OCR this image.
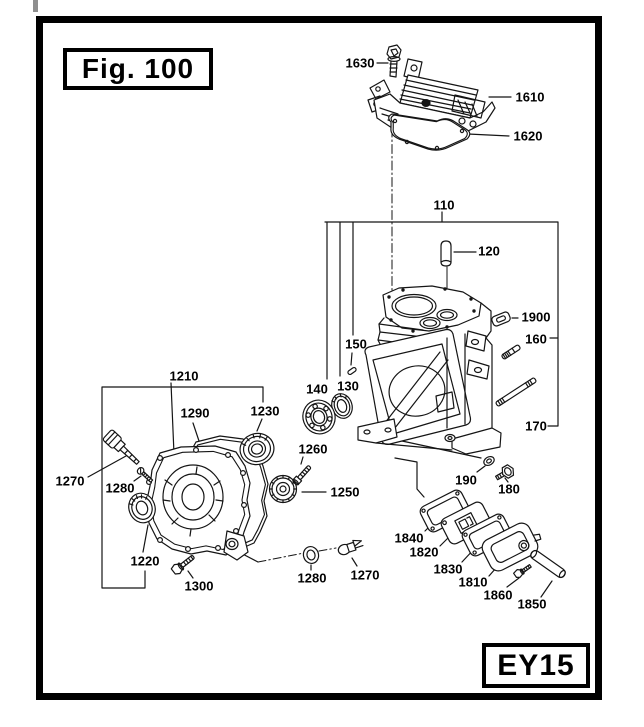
Fig. 100
EY15
1630
1610
1620
110
120
1900
160
170
150
130
140
1210
1290	1230
1260
1250
1270 1280
1220
1300
1280 1270
190
180
1840
1820
1830
1810
1860
1850
